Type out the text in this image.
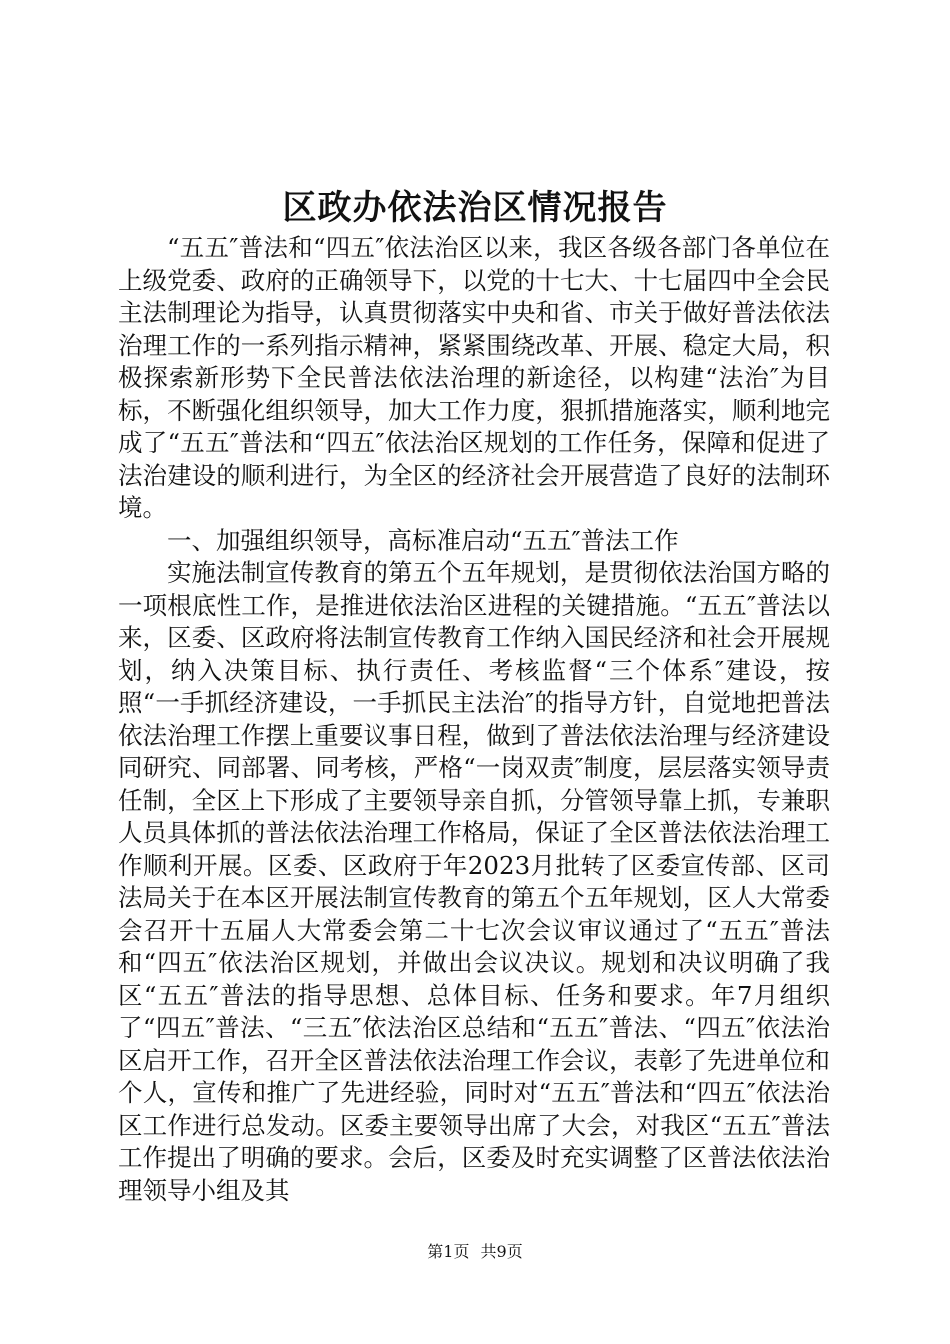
区政办依法治区情况报告

“五五″普法和“四五″依法治区以来，我区各级各部门各单位在上级党委、政府的正确领导下，以党的十七大、十七届四中全会民主法制理论为指导，认真贯彻落实中央和省、市关于做好普法依法治理工作的一系列指示精神，紧紧围绕改革、开展、稳定大局，积极探索新形势下全民普法依法治理的新途径，以构建“法治″为目标，不断强化组织领导，加大工作力度，狠抓措施落实，顺利地完成了“五五″普法和“四五″依法治区规划的工作任务，保障和促进了法治建设的顺利进行，为全区的经济社会开展营造了良好的法制环境。

一、加强组织领导，高标准启动“五五″普法工作

实施法制宣传教育的第五个五年规划，是贯彻依法治国方略的一项根底性工作，是推进依法治区进程的关键措施。“五五″普法以来，区委、区政府将法制宣传教育工作纳入国民经济和社会开展规划，纳入决策目标、执行责任、考核监督“三个体系″建设，按照“一手抓经济建设，一手抓民主法治″的指导方针，自觉地把普法依法治理工作摆上重要议事日程，做到了普法依法治理与经济建设同研究、同部署、同考核，严格“一岗双责″制度，层层落实领导责任制，全区上下形成了主要领导亲自抓，分管领导靠上抓，专兼职人员具体抓的普法依法治理工作格局，保证了全区普法依法治理工作顺利开展。区委、区政府于年2023月批转了区委宣传部、区司法局关于在本区开展法制宣传教育的第五个五年规划，区人大常委会召开十五届人大常委会第二十七次会议审议通过了“五五″普法和“四五″依法治区规划，并做出会议决议。规划和决议明确了我区“五五″普法的指导思想、总体目标、任务和要求。年7月组织了“四五″普法、“三五″依法治区总结和“五五″普法、“四五″依法治区启开工作，召开全区普法依法治理工作会议，表彰了先进单位和个人，宣传和推广了先进经验，同时对“五五″普法和“四五″依法治区工作进行总发动。区委主要领导出席了大会，对我区“五五″普法工作提出了明确的要求。会后，区委及时充实调整了区普法依法治理领导小组及其

第1页 共9页
